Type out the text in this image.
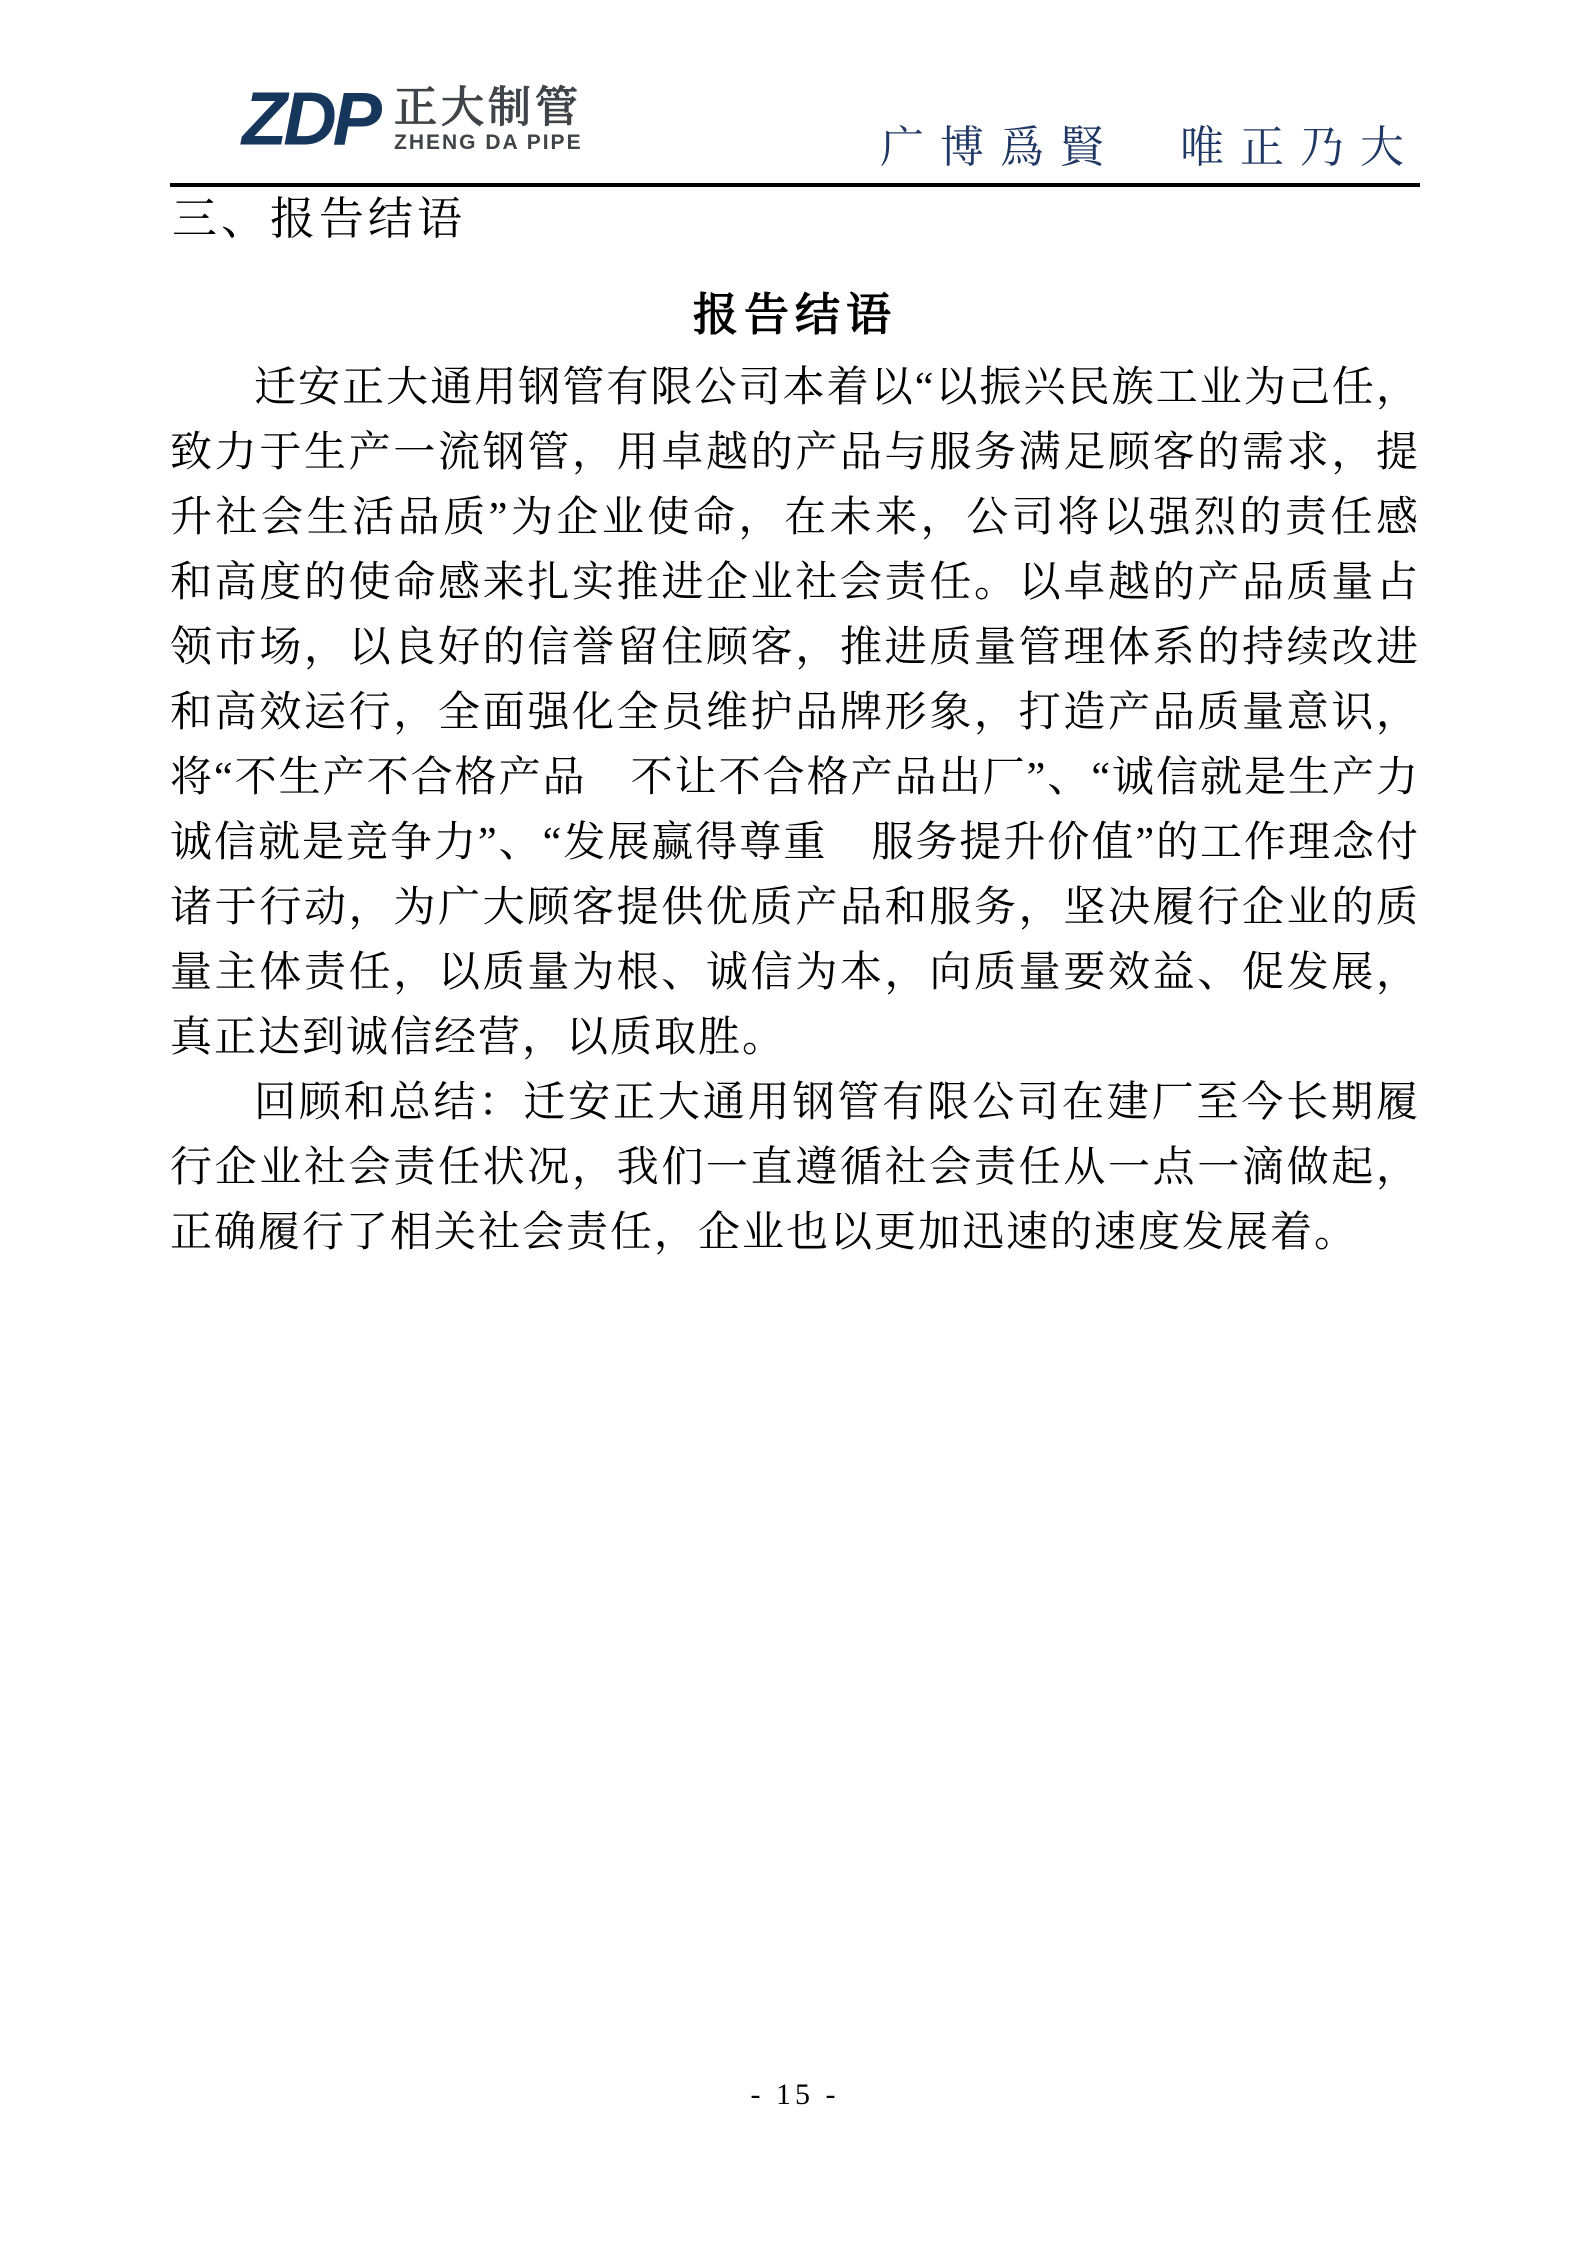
ZDP 正大制管
ZHENG DA PIPE	广博爲賢　唯正乃大
三、报告结语
报告结语

迁安正大通用钢管有限公司本着以“以振兴民族工业为己任，致力于生产一流钢管，用卓越的产品与服务满足顾客的需求，提升社会生活品质”为企业使命，在未来，公司将以强烈的责任感和高度的使命感来扎实推进企业社会责任。以卓越的产品质量占领市场，以良好的信誉留住顾客，推进质量管理体系的持续改进和高效运行，全面强化全员维护品牌形象，打造产品质量意识，将“不生产不合格产品　不让不合格产品出厂”、“诚信就是生产力　诚信就是竞争力”、“发展赢得尊重　服务提升价值”的工作理念付诸于行动，为广大顾客提供优质产品和服务，坚决履行企业的质量主体责任，以质量为根、诚信为本，向质量要效益、促发展，真正达到诚信经营，以质取胜。

回顾和总结：迁安正大通用钢管有限公司在建厂至今长期履行企业社会责任状况，我们一直遵循社会责任从一点一滴做起，正确履行了相关社会责任，企业也以更加迅速的速度发展着。

- 15 -
